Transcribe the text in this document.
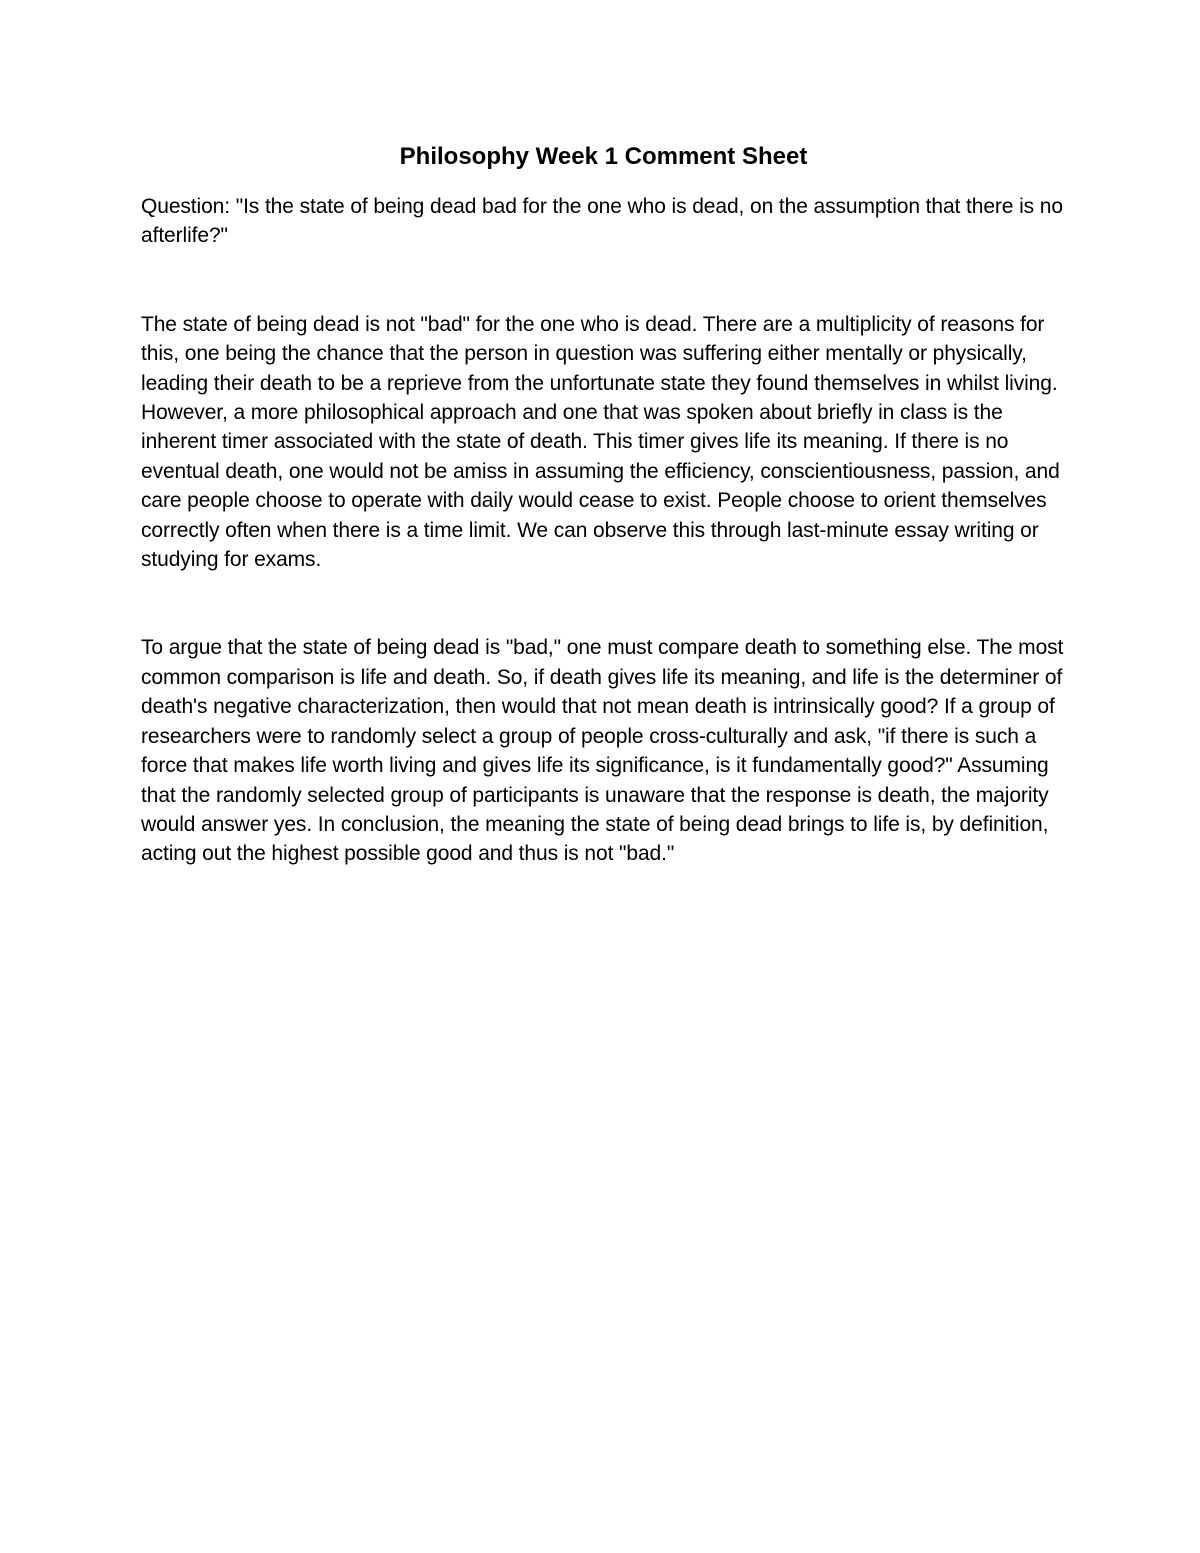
Philosophy Week 1 Comment Sheet

Question: "Is the state of being dead bad for the one who is dead, on the assumption that there is no afterlife?"

The state of being dead is not "bad" for the one who is dead. There are a multiplicity of reasons for this, one being the chance that the person in question was suffering either mentally or physically, leading their death to be a reprieve from the unfortunate state they found themselves in whilst living. However, a more philosophical approach and one that was spoken about briefly in class is the inherent timer associated with the state of death. This timer gives life its meaning. If there is no eventual death, one would not be amiss in assuming the efficiency, conscientiousness, passion, and care people choose to operate with daily would cease to exist. People choose to orient themselves correctly often when there is a time limit. We can observe this through last-minute essay writing or studying for exams.

To argue that the state of being dead is "bad," one must compare death to something else. The most common comparison is life and death. So, if death gives life its meaning, and life is the determiner of death's negative characterization, then would that not mean death is intrinsically good? If a group of researchers were to randomly select a group of people cross-culturally and ask, "if there is such a force that makes life worth living and gives life its significance, is it fundamentally good?" Assuming that the randomly selected group of participants is unaware that the response is death, the majority would answer yes. In conclusion, the meaning the state of being dead brings to life is, by definition, acting out the highest possible good and thus is not "bad."
